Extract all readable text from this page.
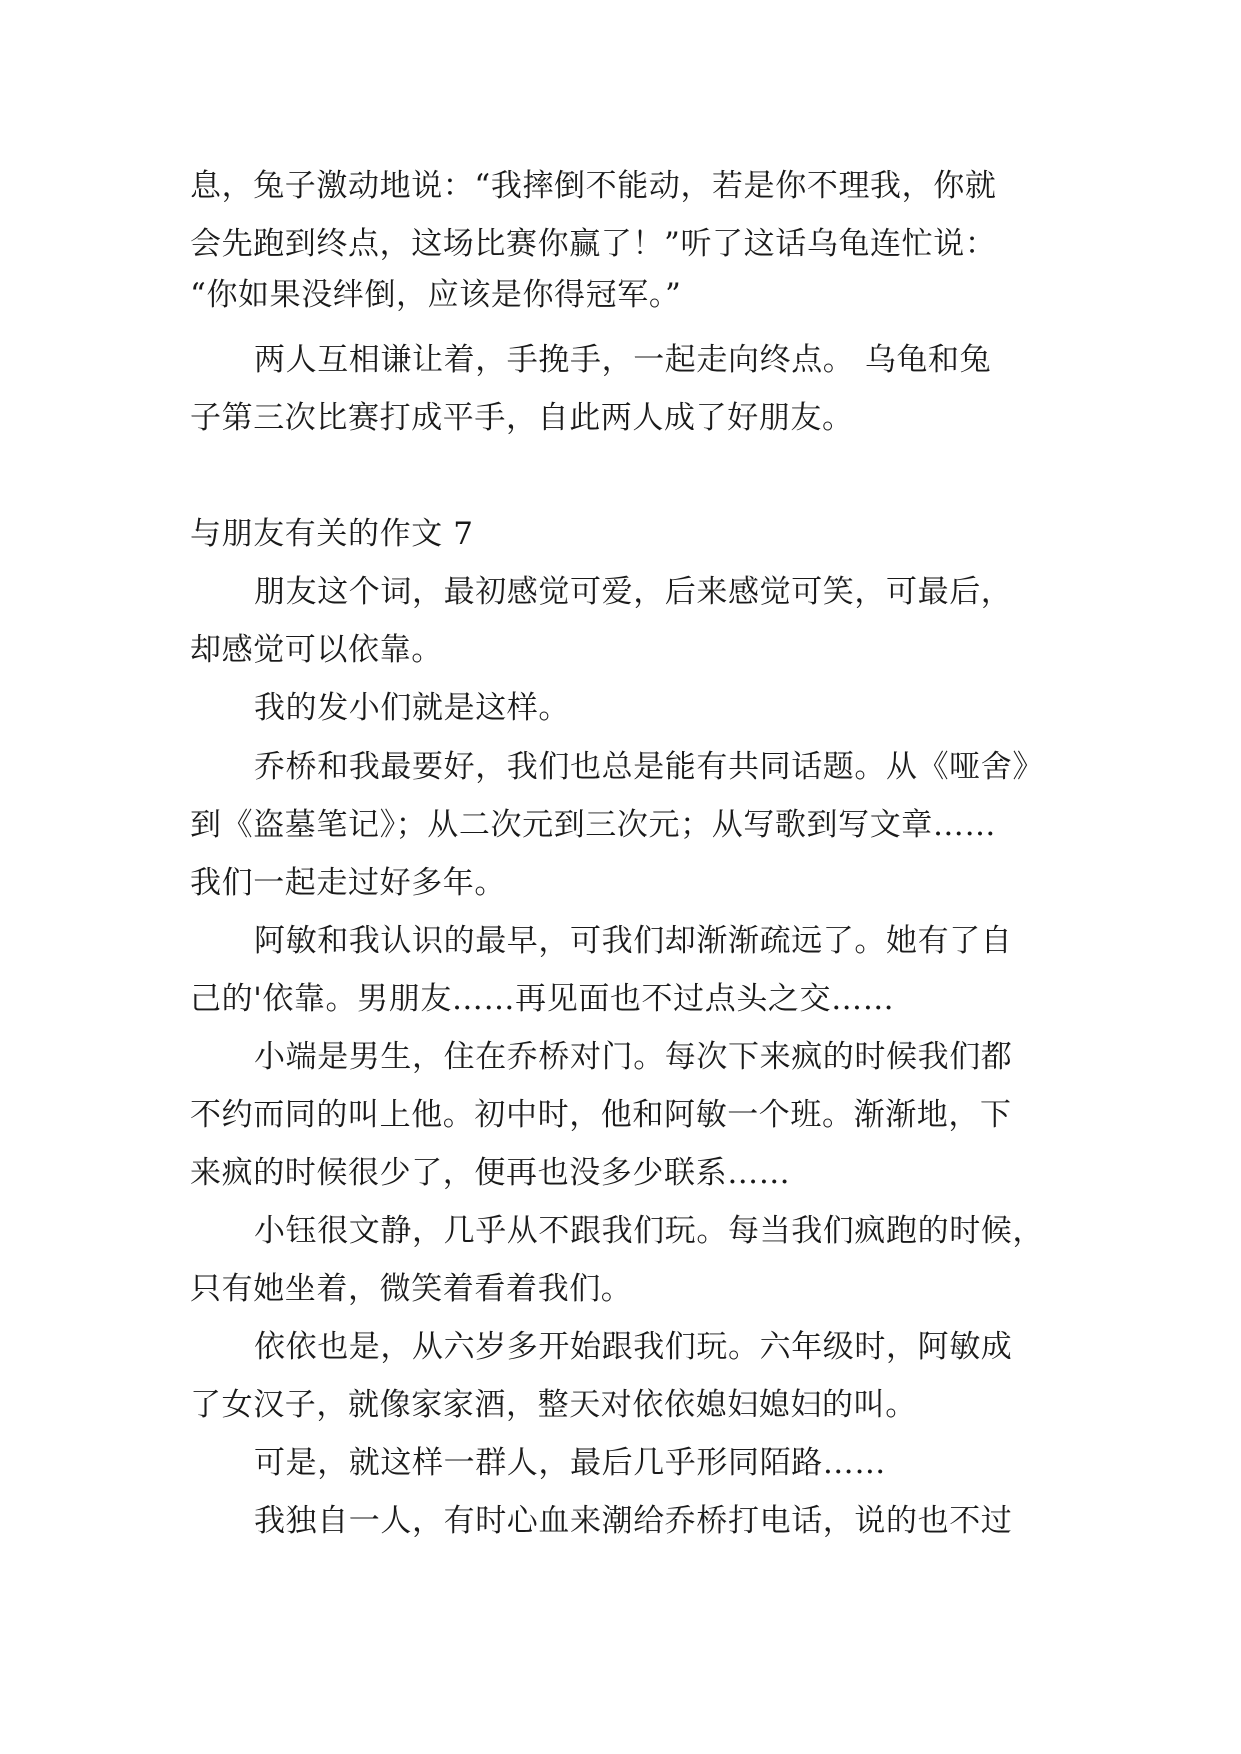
息，兔子激动地说：“我摔倒不能动，若是你不理我，你就
会先跑到终点，这场比赛你赢了！”听了这话乌龟连忙说：
“你如果没绊倒，应该是你得冠军。”
两人互相谦让着，手挽手，一起走向终点。 乌龟和兔
子第三次比赛打成平手，自此两人成了好朋友。
与朋友有关的作文 7
朋友这个词，最初感觉可爱，后来感觉可笑，可最后，
却感觉可以依靠。
我的发小们就是这样。
乔桥和我最要好，我们也总是能有共同话题。从《哑舍》
到《盗墓笔记》；从二次元到三次元；从写歌到写文章……
我们一起走过好多年。
阿敏和我认识的最早，可我们却渐渐疏远了。她有了自
己的'依靠。男朋友……再见面也不过点头之交……
小端是男生，住在乔桥对门。每次下来疯的时候我们都
不约而同的叫上他。初中时，他和阿敏一个班。渐渐地，下
来疯的时候很少了，便再也没多少联系……
小钰很文静，几乎从不跟我们玩。每当我们疯跑的时候，
只有她坐着，微笑着看着我们。
依依也是，从六岁多开始跟我们玩。六年级时，阿敏成
了女汉子，就像家家酒，整天对依依媳妇媳妇的叫。
可是，就这样一群人，最后几乎形同陌路……
我独自一人，有时心血来潮给乔桥打电话，说的也不过
